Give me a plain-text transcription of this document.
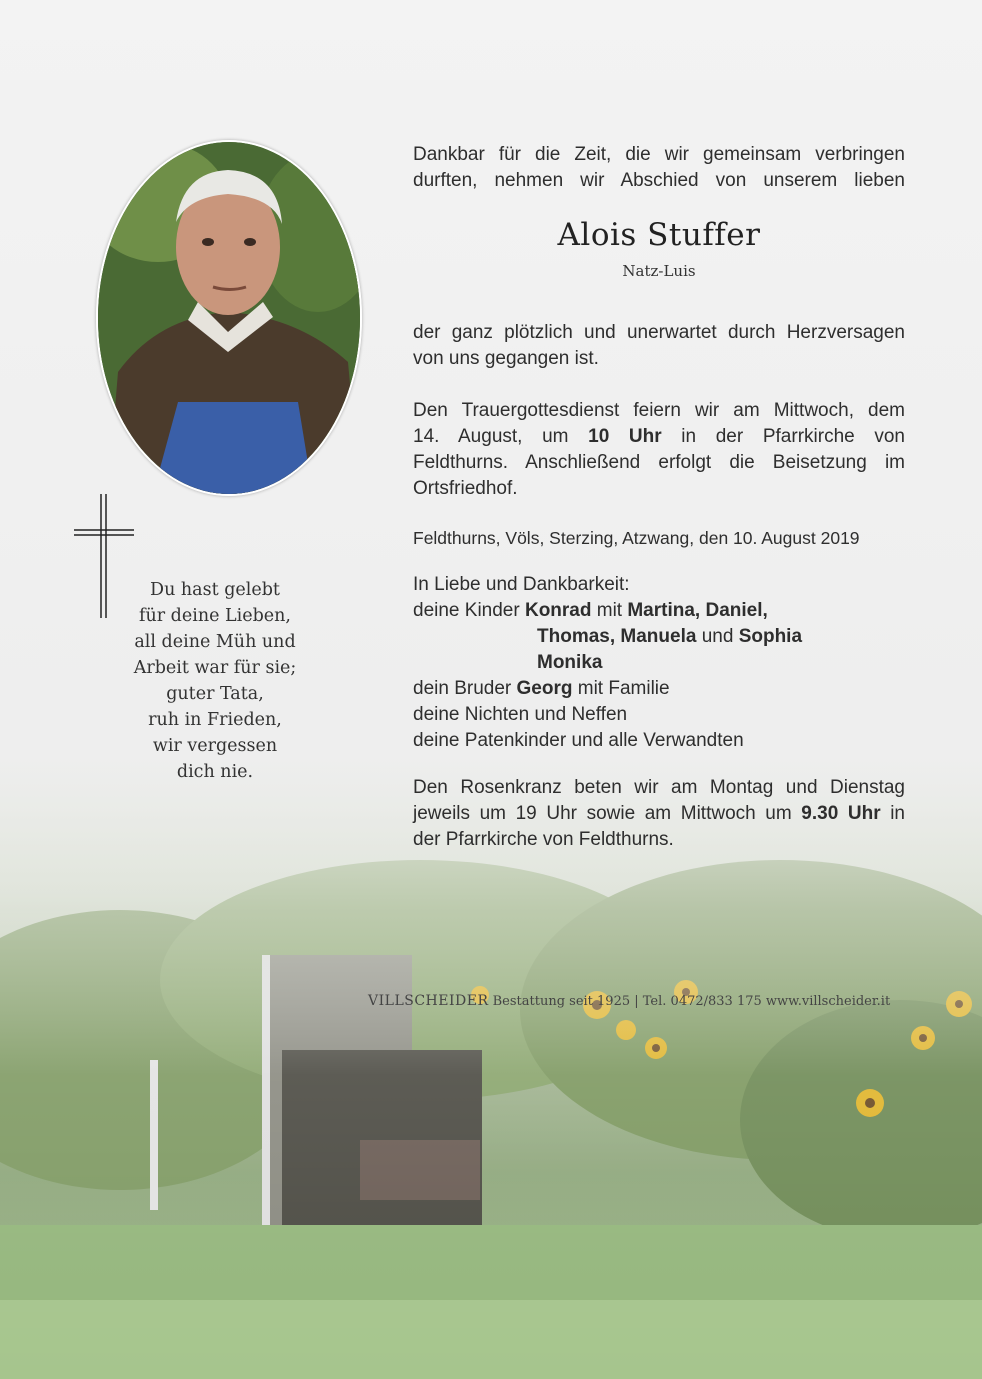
Du hast gelebt
für deine Lieben,
all deine Müh und
Arbeit war für sie;
guter Tata,
ruh in Frieden,
wir vergessen
dich nie.
Dankbar für die Zeit, die wir gemeinsam verbringen
durften, nehmen wir Abschied von unserem lieben
Alois Stuffer
Natz-Luis
der ganz plötzlich und unerwartet durch Herzversagen
von uns gegangen ist.
Den Trauergottesdienst feiern wir am Mittwoch, dem
14. August, um 10 Uhr in der Pfarrkirche von
Feldthurns. Anschließend erfolgt die Beisetzung im
Ortsfriedhof.
Feldthurns, Völs, Sterzing, Atzwang, den 10. August 2019
In Liebe und Dankbarkeit:
deine Kinder Konrad mit Martina, Daniel,
Thomas, Manuela und Sophia
Monika
dein Bruder Georg mit Familie
deine Nichten und Neffen
deine Patenkinder und alle Verwandten
Den Rosenkranz beten wir am Montag und Dienstag
jeweils um 19 Uhr sowie am Mittwoch um 9.30 Uhr in
der Pfarrkirche von Feldthurns.
VILLSCHEIDER Bestattung seit 1925 | Tel. 0472/833 175 www.villscheider.it
